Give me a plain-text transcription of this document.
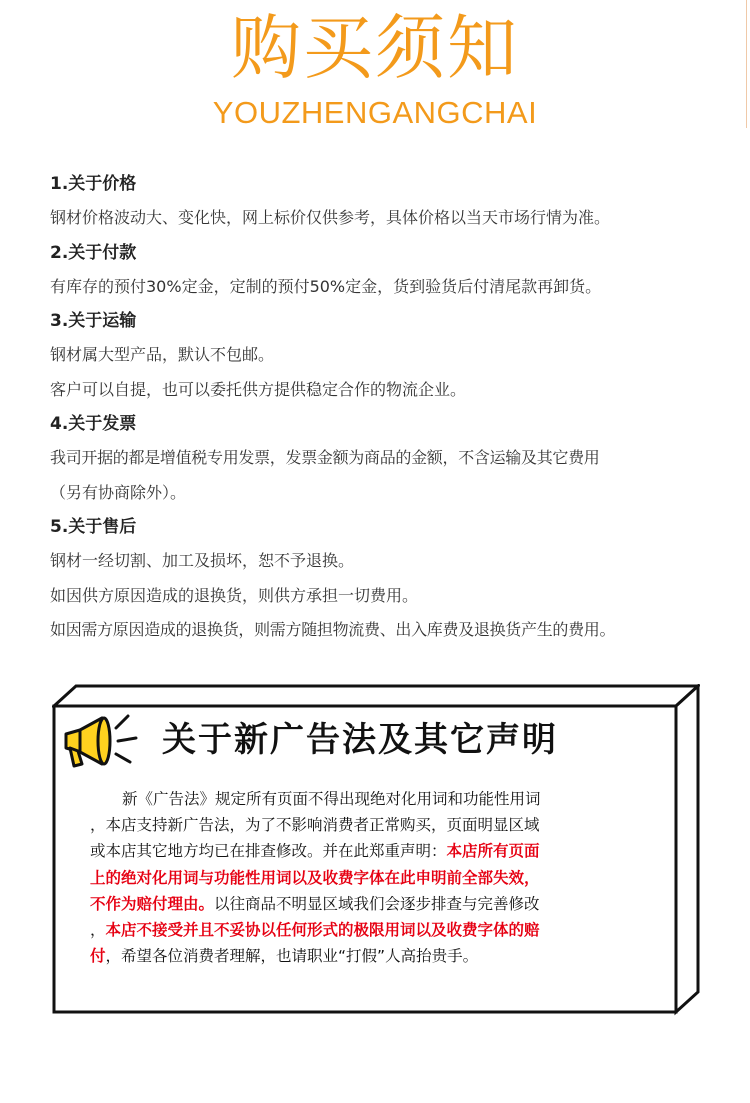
购买须知
YOUZHENGANGCHAI
1.关于价格
钢材价格波动大、变化快，网上标价仅供参考，具体价格以当天市场行情为准。
2.关于付款
有库存的预付30%定金，定制的预付50%定金，货到验货后付清尾款再卸货。
3.关于运输
钢材属大型产品，默认不包邮。
客户可以自提，也可以委托供方提供稳定合作的物流企业。
4.关于发票
我司开据的都是增值税专用发票，发票金额为商品的金额，不含运输及其它费用
（另有协商除外）。
5.关于售后
钢材一经切割、加工及损坏，恕不予退换。
如因供方原因造成的退换货，则供方承担一切费用。
如因需方原因造成的退换货，则需方随担物流费、出入库费及退换货产生的费用。
关于新广告法及其它声明
新《广告法》规定所有页面不得出现绝对化用词和功能性用词
，本店支持新广告法，为了不影响消费者正常购买，页面明显区域
或本店其它地方均已在排查修改。并在此郑重声明：本店所有页面
上的绝对化用词与功能性用词以及收费字体在此申明前全部失效，
不作为赔付理由。以往商品不明显区域我们会逐步排查与完善修改
，本店不接受并且不妥协以任何形式的极限用词以及收费字体的赔
付，希望各位消费者理解，也请职业“打假”人高抬贵手。
